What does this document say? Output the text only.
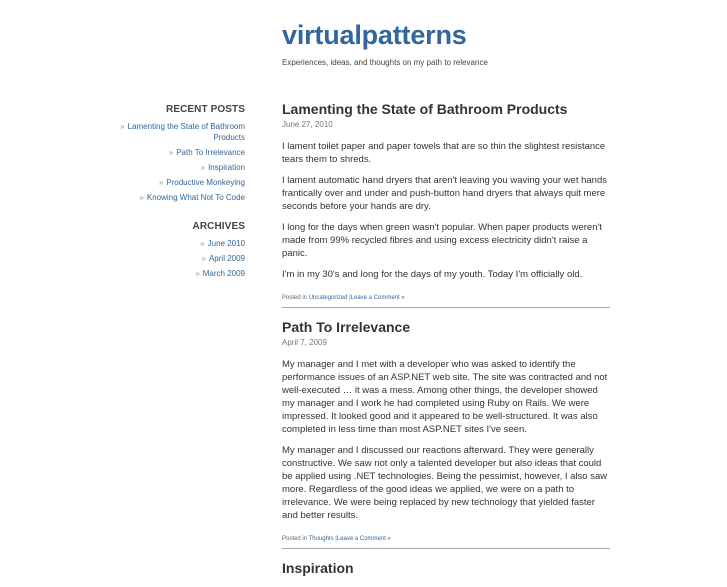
virtualpatterns
Experiences, ideas, and thoughts on my path to relevance
RECENT POSTS
» Lamenting the State of Bathroom Products
» Path To Irrelevance
» Inspiration
» Productive Monkeying
» Knowing What Not To Code
ARCHIVES
» June 2010
» April 2009
» March 2009
Lamenting the State of Bathroom Products
June 27, 2010

I lament toilet paper and paper towels that are so thin the slightest resistance tears them to shreds.

I lament automatic hand dryers that aren't leaving you waving your wet hands frantically over and under and push-button hand dryers that always quit mere seconds before your hands are dry.

I long for the days when green wasn't popular. When paper products weren't made from 99% recycled fibres and using excess electricity didn't raise a panic.

I'm in my 30's and long for the days of my youth. Today I'm officially old.

Posted in Uncategorized |Leave a Comment »
Path To Irrelevance
April 7, 2009

My manager and I met with a developer who was asked to identify the performance issues of an ASP.NET web site. The site was contracted and not well-executed … it was a mess. Among other things, the developer showed my manager and I work he had completed using Ruby on Rails. We were impressed. It looked good and it appeared to be well-structured. It was also completed in less time than most ASP.NET sites I've seen.

My manager and I discussed our reactions afterward. They were generally constructive. We saw not only a talented developer but also ideas that could be applied using .NET technologies. Being the pessimist, however, I also saw more. Regardless of the good ideas we applied, we were on a path to irrelevance. We were being replaced by new technology that yielded faster and better results.

Posted in Thoughts |Leave a Comment »
Inspiration
